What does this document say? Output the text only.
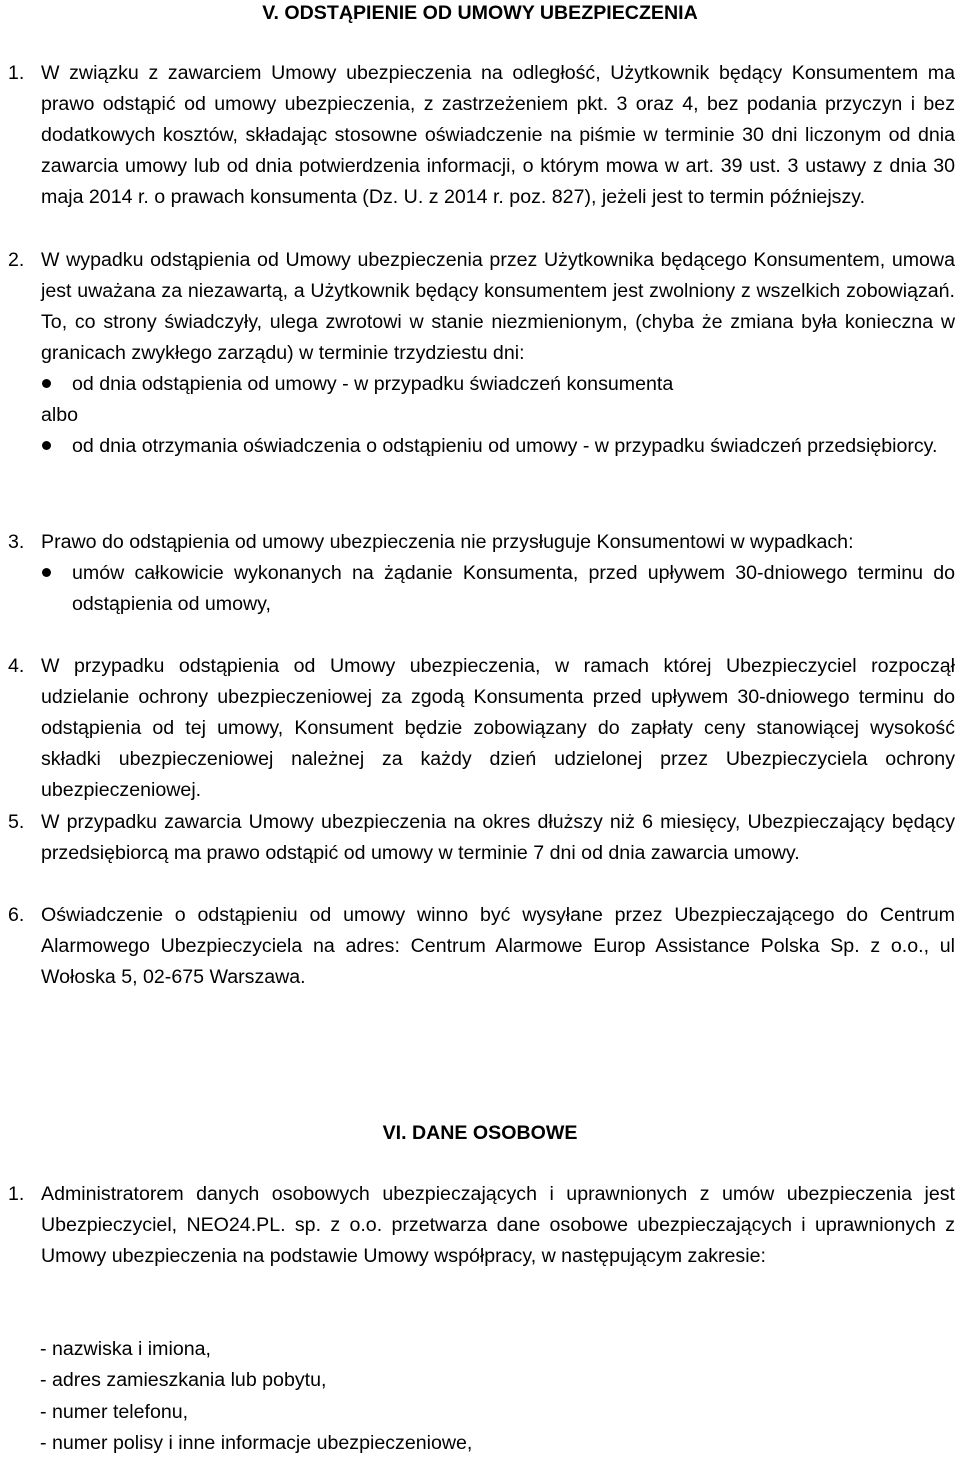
V. ODSTĄPIENIE OD UMOWY UBEZPIECZENIA
1. W związku z zawarciem Umowy ubezpieczenia na odległość, Użytkownik będący Konsumentem ma prawo odstąpić od umowy ubezpieczenia, z zastrzeżeniem pkt. 3 oraz 4, bez podania przyczyn i bez dodatkowych kosztów, składając stosowne oświadczenie na piśmie w terminie 30 dni liczonym od dnia zawarcia umowy lub od dnia potwierdzenia informacji, o którym mowa w art. 39 ust. 3 ustawy z dnia 30 maja 2014 r. o prawach konsumenta (Dz. U. z 2014 r. poz. 827), jeżeli jest to termin późniejszy.
2. W wypadku odstąpienia od Umowy ubezpieczenia przez Użytkownika będącego Konsumentem, umowa jest uważana za niezawartą, a Użytkownik będący konsumentem jest zwolniony z wszelkich zobowiązań. To, co strony świadczyły, ulega zwrotowi w stanie niezmienionym, (chyba że zmiana była konieczna w granicach zwykłego zarządu) w terminie trzydziestu dni:
od dnia odstąpienia od umowy - w przypadku świadczeń konsumenta
albo
od dnia otrzymania oświadczenia o odstąpieniu od umowy - w przypadku świadczeń przedsiębiorcy.
3. Prawo do odstąpienia od umowy ubezpieczenia nie przysługuje Konsumentowi w wypadkach:
umów całkowicie wykonanych na żądanie Konsumenta, przed upływem 30-dniowego terminu do odstąpienia od umowy,
4. W przypadku odstąpienia od Umowy ubezpieczenia, w ramach której Ubezpieczyciel rozpoczął udzielanie ochrony ubezpieczeniowej za zgodą Konsumenta przed upływem 30-dniowego terminu do odstąpienia od tej umowy, Konsument będzie zobowiązany do zapłaty ceny stanowiącej wysokość składki ubezpieczeniowej należnej za każdy dzień udzielonej przez Ubezpieczyciela ochrony ubezpieczeniowej.
5. W przypadku zawarcia Umowy ubezpieczenia na okres dłuższy niż 6 miesięcy, Ubezpieczający będący przedsiębiorcą ma prawo odstąpić od umowy w terminie 7 dni od dnia zawarcia umowy.
6. Oświadczenie o odstąpieniu od umowy winno być wysyłane przez Ubezpieczającego do Centrum Alarmowego Ubezpieczyciela na adres: Centrum Alarmowe Europ Assistance Polska Sp. z o.o., ul Wołoska 5, 02-675 Warszawa.
VI. DANE OSOBOWE
1. Administratorem danych osobowych ubezpieczających i uprawnionych z umów ubezpieczenia jest Ubezpieczyciel, NEO24.PL. sp. z o.o. przetwarza dane osobowe ubezpieczających i uprawnionych z Umowy ubezpieczenia na podstawie Umowy współpracy, w następującym zakresie:
- nazwiska i imiona,
- adres zamieszkania lub pobytu,
- numer telefonu,
- numer polisy i inne informacje ubezpieczeniowe,
